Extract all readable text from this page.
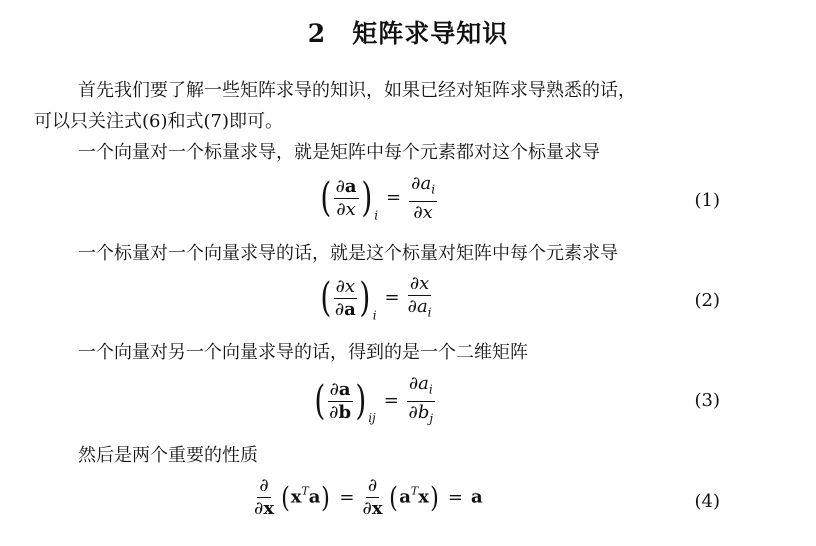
2 矩阵求导知识
首先我们要了解一些矩阵求导的知识，如果已经对矩阵求导熟悉的话，
可以只关注式(6)和式(7)即可。
一个向量对一个标量求导，就是矩阵中每个元素都对这个标量求导
( $\frac{\partial a}{\partial x}$ ) $_i= \frac{\partial a_i}{\partial x}$	(1)
一个标量对一个向量求导的话，就是这个标量对矩阵中每个元素求导
( $\frac{\partial x}{\partial a}$ ) $_i= \frac{\partial x}{\partial a_i}$	(2)
一个向量对另一个向量求导的话，得到的是一个二维矩阵
( $\frac{\partial a}{\partial b}$ ) $_{ij}= \frac{\partial a_i}{\partial b_j}$	(3)
然后是两个重要的性质
$\frac{\partial}{\partial x} (x^Ta) = \frac{\partial}{\partial x} (a^Tx) = a$	(4)
